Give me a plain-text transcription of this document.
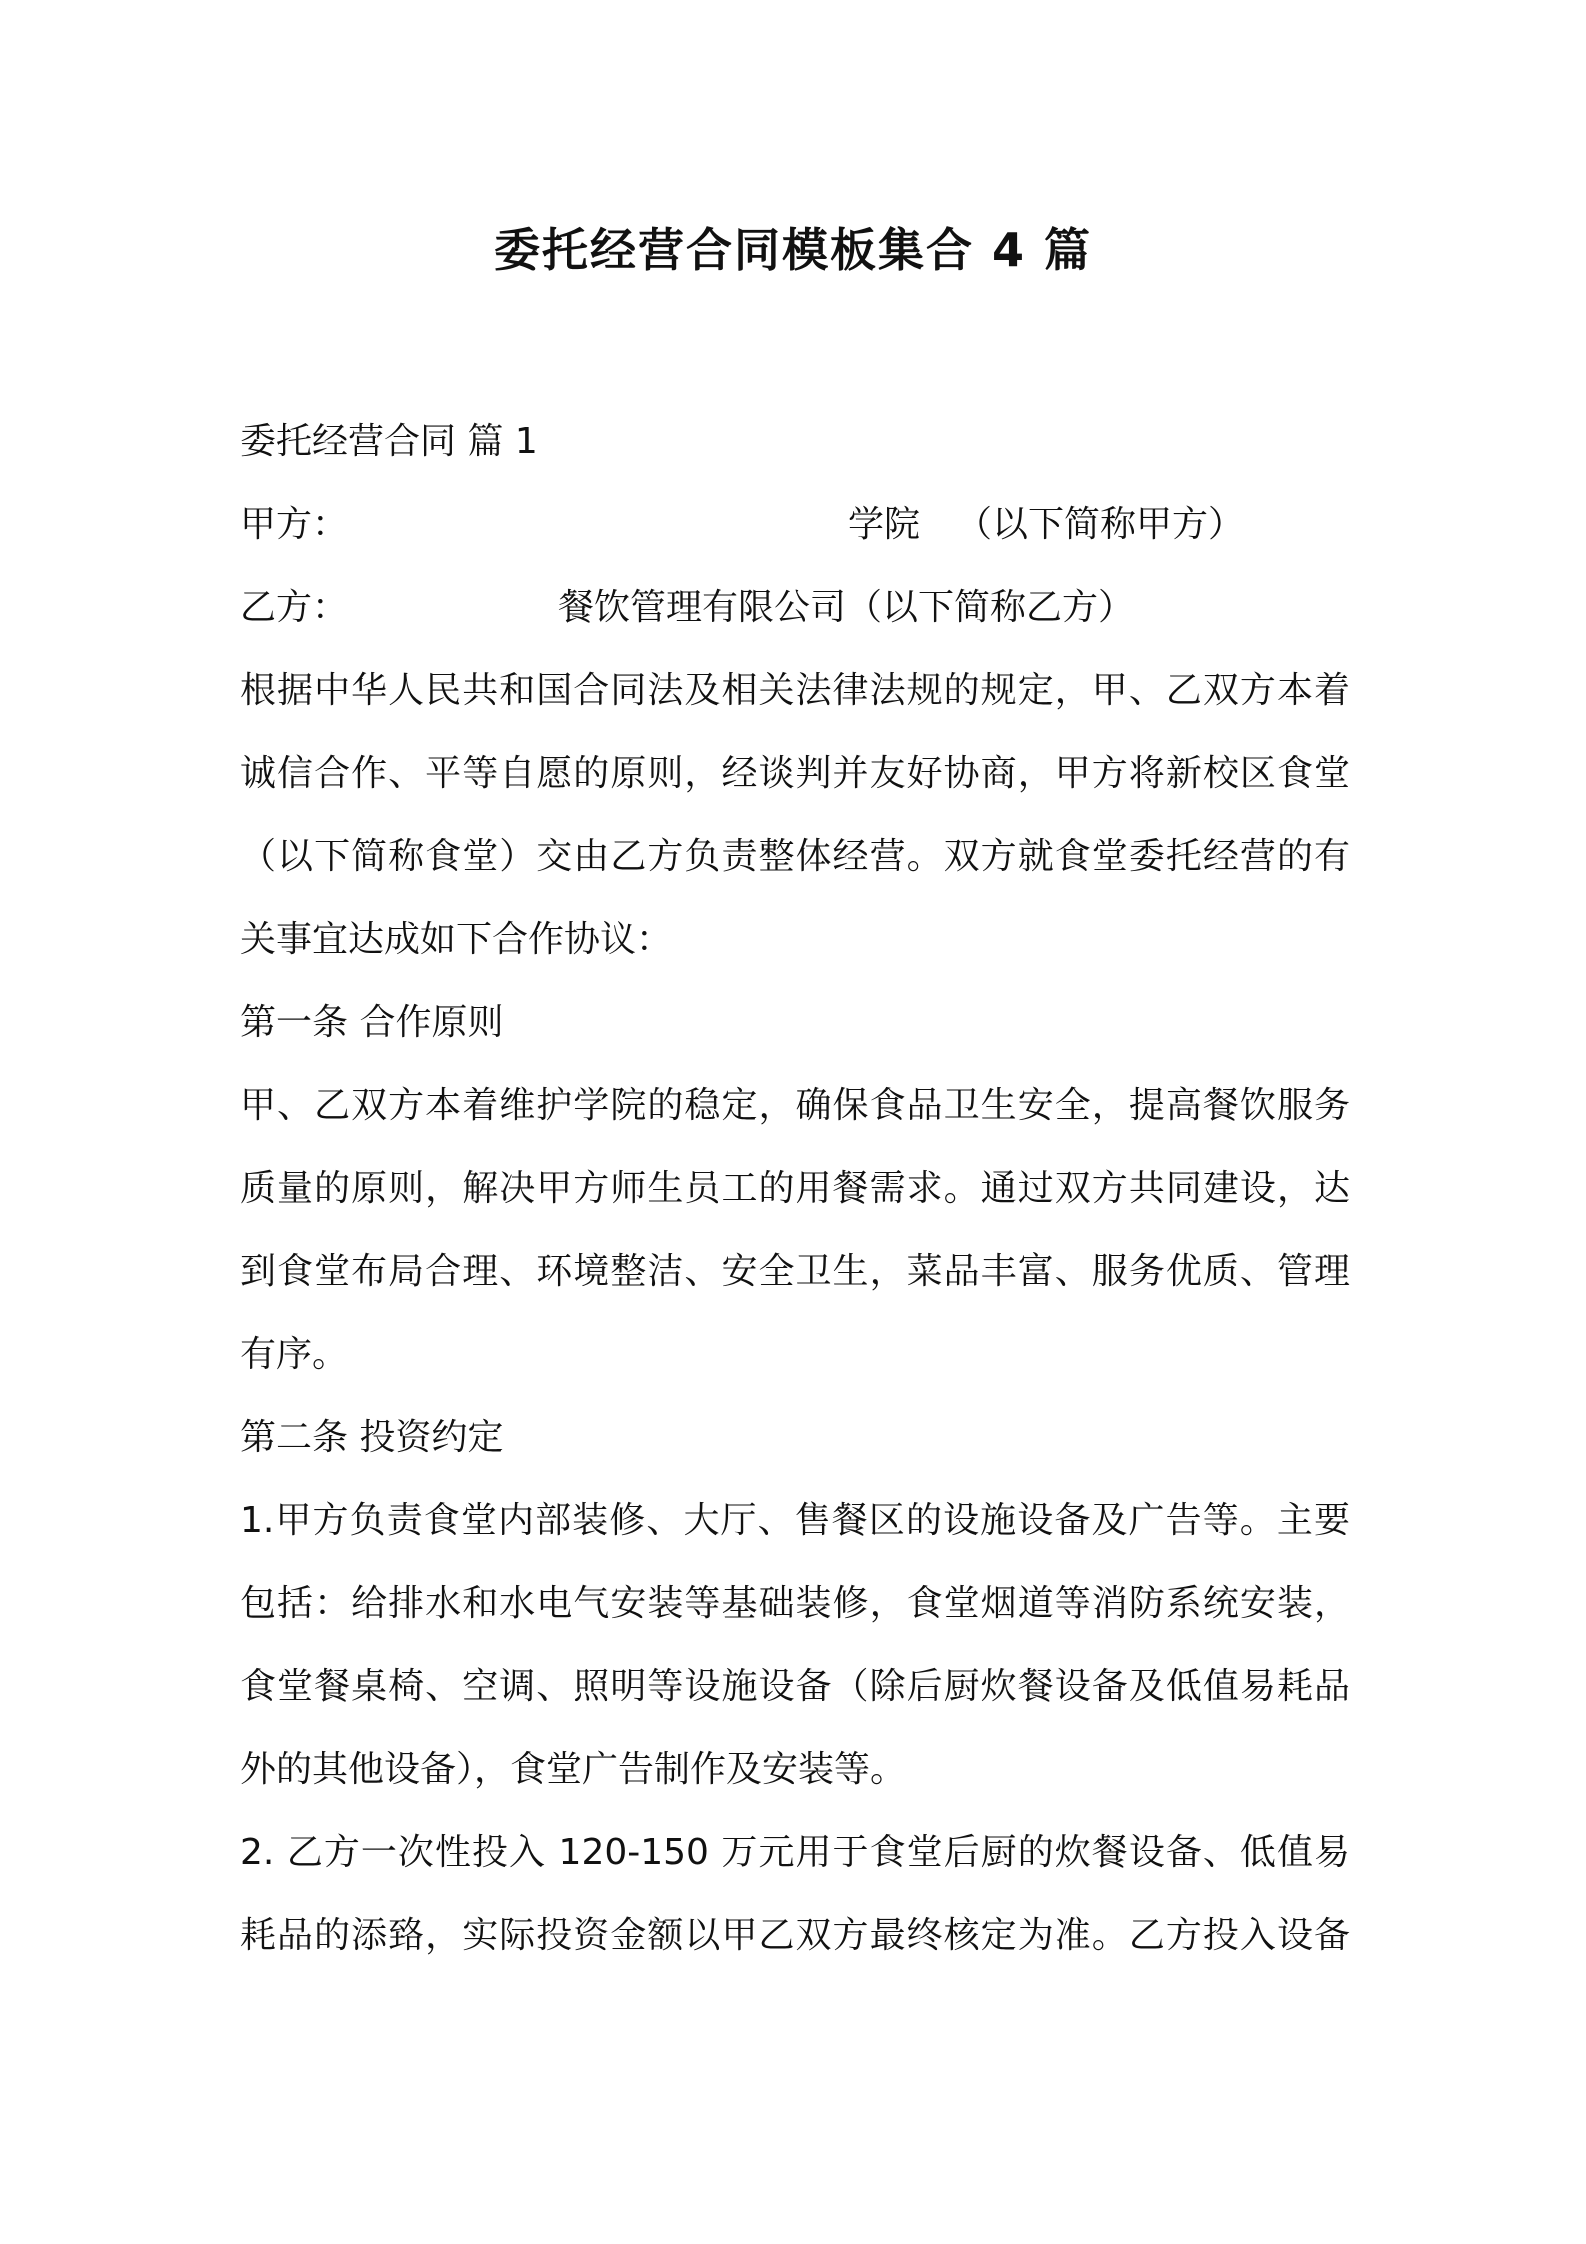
委托经营合同模板集合 4 篇
委托经营合同 篇 1
甲方：	学院 （以下简称甲方）
乙方：	餐饮管理有限公司（以下简称乙方）
根据中华人民共和国合同法及相关法律法规的规定，甲、乙双方本着
诚信合作、平等自愿的原则，经谈判并友好协商，甲方将新校区食堂
（以下简称食堂）交由乙方负责整体经营。双方就食堂委托经营的有
关事宜达成如下合作协议：
第一条 合作原则
甲、乙双方本着维护学院的稳定，确保食品卫生安全，提高餐饮服务
质量的原则，解决甲方师生员工的用餐需求。通过双方共同建设，达
到食堂布局合理、环境整洁、安全卫生，菜品丰富、服务优质、管理
有序。
第二条 投资约定
1.甲方负责食堂内部装修、大厅、售餐区的设施设备及广告等。主要
包括：给排水和水电气安装等基础装修，食堂烟道等消防系统安装，
食堂餐桌椅、空调、照明等设施设备（除后厨炊餐设备及低值易耗品
外的其他设备），食堂广告制作及安装等。
2. 乙方一次性投入 120-150 万元用于食堂后厨的炊餐设备、低值易
耗品的添臵，实际投资金额以甲乙双方最终核定为准。乙方投入设备
